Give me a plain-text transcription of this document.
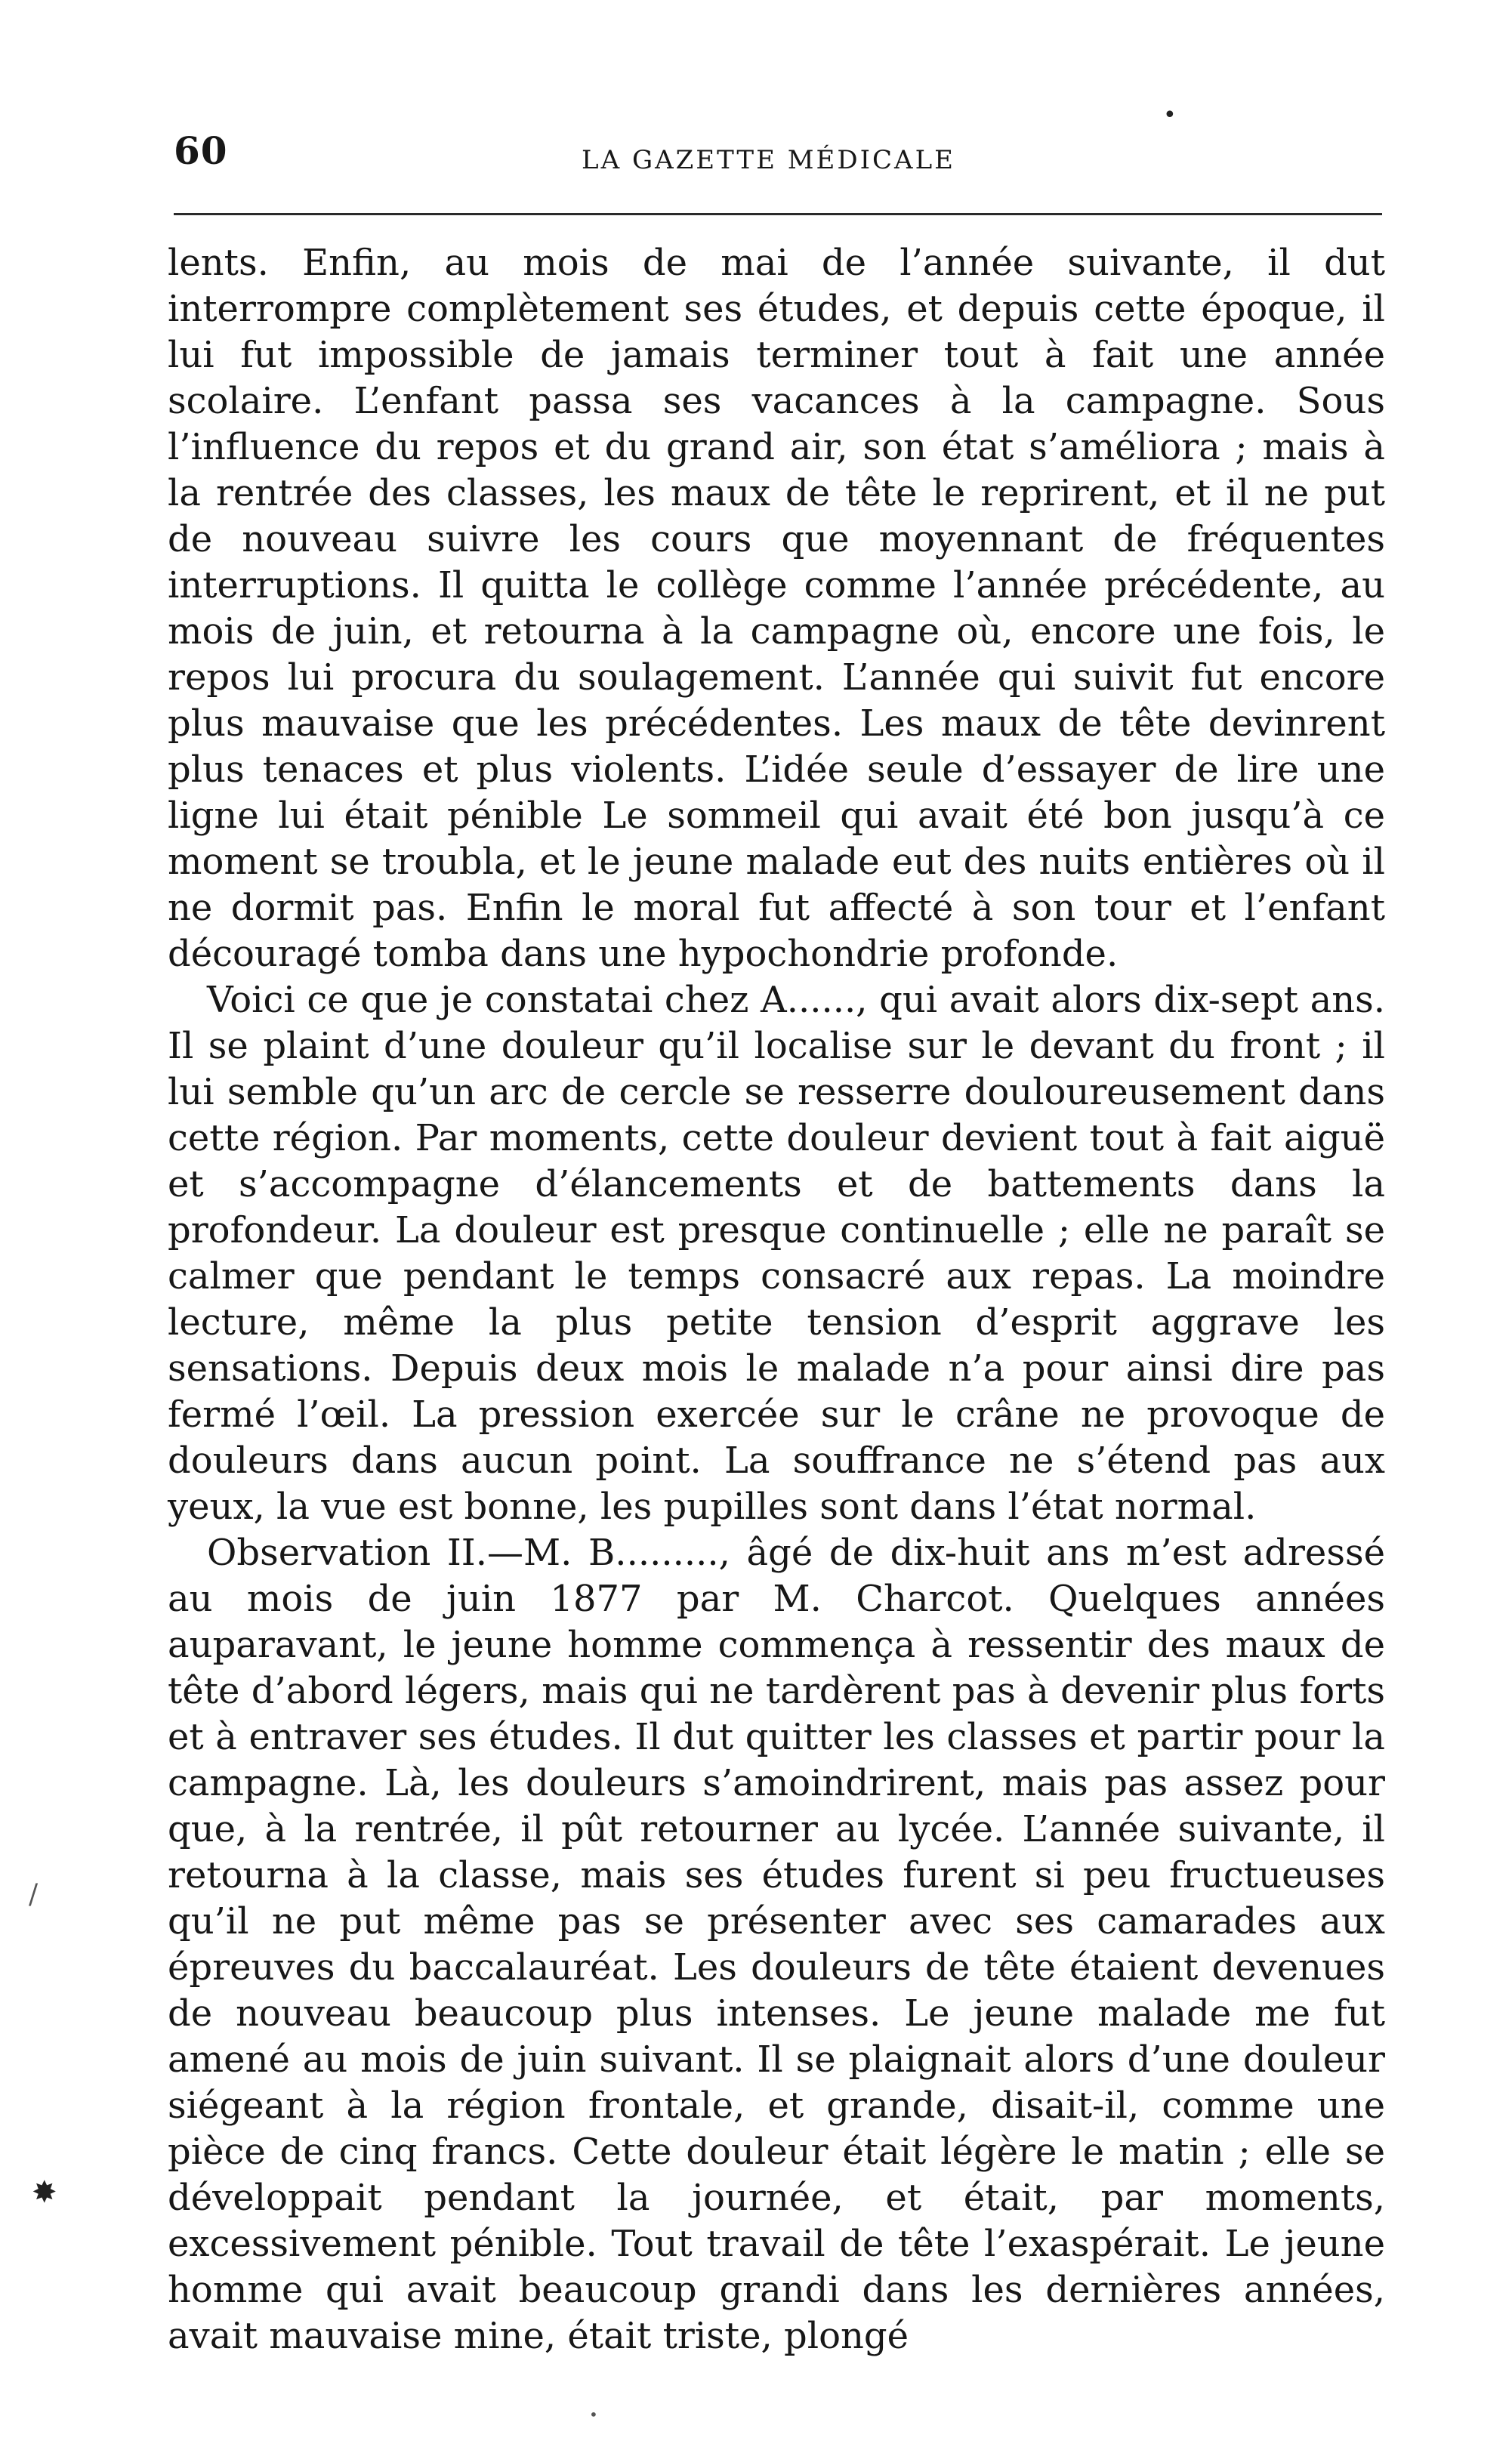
60	LA GAZETTE MÉDICALE

lents. Enfin, au mois de mai de l’année suivante, il dut interrompre complètement ses études, et depuis cette époque, il lui fut impossible de jamais terminer tout à fait une année scolaire. L’enfant passa ses vacances à la campagne. Sous l’influence du repos et du grand air, son état s’améliora ; mais à la rentrée des classes, les maux de tête le reprirent, et il ne put de nouveau suivre les cours que moyennant de fréquentes interruptions. Il quitta le collège comme l’année précédente, au mois de juin, et retourna à la campagne où, encore une fois, le repos lui procura du soulagement. L’année qui suivit fut encore plus mauvaise que les précédentes. Les maux de tête devinrent plus tenaces et plus violents. L’idée seule d’essayer de lire une ligne lui était pénible Le sommeil qui avait été bon jusqu’à ce moment se troubla, et le jeune malade eut des nuits entières où il ne dormit pas. Enfin le moral fut affecté à son tour et l’enfant découragé tomba dans une hypochondrie profonde.

Voici ce que je constatai chez A......, qui avait alors dix-sept ans. Il se plaint d’une douleur qu’il localise sur le devant du front ; il lui semble qu’un arc de cercle se resserre douloureusement dans cette région. Par moments, cette douleur devient tout à fait aiguë et s’accompagne d’élancements et de battements dans la profondeur. La douleur est presque continuelle ; elle ne paraît se calmer que pendant le temps consacré aux repas. La moindre lecture, même la plus petite tension d’esprit aggrave les sensations. Depuis deux mois le malade n’a pour ainsi dire pas fermé l’œil. La pression exercée sur le crâne ne provoque de douleurs dans aucun point. La souffrance ne s’étend pas aux yeux, la vue est bonne, les pupilles sont dans l’état normal.

Observation II.—M. B........., âgé de dix-huit ans m’est adressé au mois de juin 1877 par M. Charcot. Quelques années auparavant, le jeune homme commença à ressentir des maux de tête d’abord légers, mais qui ne tardèrent pas à devenir plus forts et à entraver ses études. Il dut quitter les classes et partir pour la campagne. Là, les douleurs s’amoindrirent, mais pas assez pour que, à la rentrée, il pût retourner au lycée. L’année suivante, il retourna à la classe, mais ses études furent si peu fructueuses qu’il ne put même pas se présenter avec ses camarades aux épreuves du baccalauréat. Les douleurs de tête étaient devenues de nouveau beaucoup plus intenses. Le jeune malade me fut amené au mois de juin suivant. Il se plaignait alors d’une douleur siégeant à la région frontale, et grande, disait-il, comme une pièce de cinq francs. Cette douleur était légère le matin ; elle se développait pendant la journée, et était, par moments, excessivement pénible. Tout travail de tête l’exaspérait. Le jeune homme qui avait beaucoup grandi dans les dernières années, avait mauvaise mine, était triste, plongé

•
/
✸
•
